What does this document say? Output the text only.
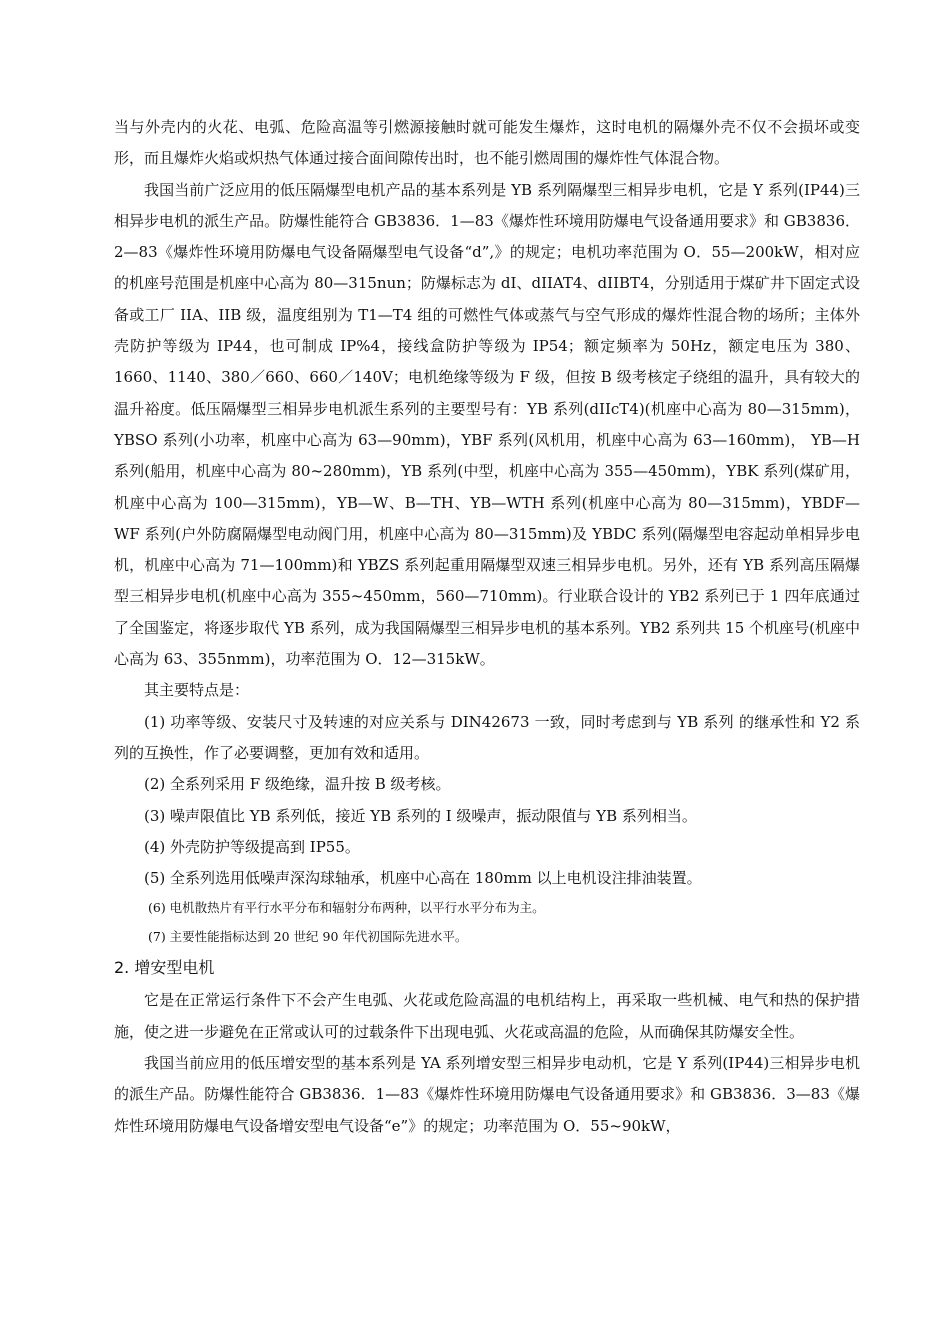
当与外壳内的火花、电弧、危险高温等引燃源接触时就可能发生爆炸，这时电机的隔爆外壳不仅不会损坏或变形，而且爆炸火焰或炽热气体通过接合面间隙传出时，也不能引燃周围的爆炸性气体混合物。

我国当前广泛应用的低压隔爆型电机产品的基本系列是 YB 系列隔爆型三相异步电机，它是 Y 系列(IP44)三相异步电机的派生产品。防爆性能符合 GB3836．1—83《爆炸性环境用防爆电气设备通用要求》和 GB3836．2—83《爆炸性环境用防爆电气设备隔爆型电气设备“d”,》的规定；电机功率范围为 O．55—200kW，相对应的机座号范围是机座中心高为 80—315nun；防爆标志为 dI、dIIAT4、dIIBT4，分别适用于煤矿井下固定式设备或工厂 IIA、IIB 级，温度组别为 T1—T4 组的可燃性气体或蒸气与空气形成的爆炸性混合物的场所；主体外壳防护等级为 IP44，也可制成 IP%4，接线盒防护等级为 IP54；额定频率为 50Hz，额定电压为 380、1660、1140、380／660、660／140V；电机绝缘等级为 F 级，但按 B 级考核定子绕组的温升，具有较大的温升裕度。低压隔爆型三相异步电机派生系列的主要型号有：YB 系列(dIIcT4)(机座中心高为 80—315mm)，YBSO 系列(小功率，机座中心高为 63—90mm)，YBF 系列(风机用，机座中心高为 63—160mm)， YB—H 系列(船用，机座中心高为 80~280mm)，YB 系列(中型，机座中心高为 355—450mm)，YBK 系列(煤矿用，机座中心高为 100—315mm)，YB—W、B—TH、YB—WTH 系列(机座中心高为 80—315mm)，YBDF—WF 系列(户外防腐隔爆型电动阀门用，机座中心高为 80—315mm)及 YBDC 系列(隔爆型电容起动单相异步电机，机座中心高为 71—100mm)和 YBZS 系列起重用隔爆型双速三相异步电机。另外，还有 YB 系列高压隔爆型三相异步电机(机座中心高为 355~450mm，560—710mm)。行业联合设计的 YB2 系列已于 1 四年底通过了全国鉴定，将逐步取代 YB 系列，成为我国隔爆型三相异步电机的基本系列。YB2 系列共 15 个机座号(机座中心高为 63、355nmm)，功率范围为 O．12—315kW。

其主要特点是：

(1) 功率等级、安装尺寸及转速的对应关系与 DIN42673 一致，同时考虑到与 YB 系列 的继承性和 Y2 系列的互换性，作了必要调整，更加有效和适用。

(2) 全系列采用 F 级绝缘，温升按 B 级考核。

(3) 噪声限值比 YB 系列低，接近 YB 系列的 I 级噪声，振动限值与 YB 系列相当。

(4) 外壳防护等级提高到 IP55。

(5) 全系列选用低噪声深沟球轴承，机座中心高在 180mm 以上电机设注排油装置。

(6) 电机散热片有平行水平分布和辐射分布两种，以平行水平分布为主。

(7) 主要性能指标达到 20 世纪 90 年代初国际先进水平。

2. 增安型电机

它是在正常运行条件下不会产生电弧、火花或危险高温的电机结构上，再采取一些机械、电气和热的保护措施，使之进一步避免在正常或认可的过载条件下出现电弧、火花或高温的危险，从而确保其防爆安全性。

我国当前应用的低压增安型的基本系列是 YA 系列增安型三相异步电动机，它是 Y 系列(IP44)三相异步电机的派生产品。防爆性能符合 GB3836．1—83《爆炸性环境用防爆电气设备通用要求》和 GB3836．3—83《爆炸性环境用防爆电气设备增安型电气设备“e”》的规定；功率范围为 O．55~90kW，
